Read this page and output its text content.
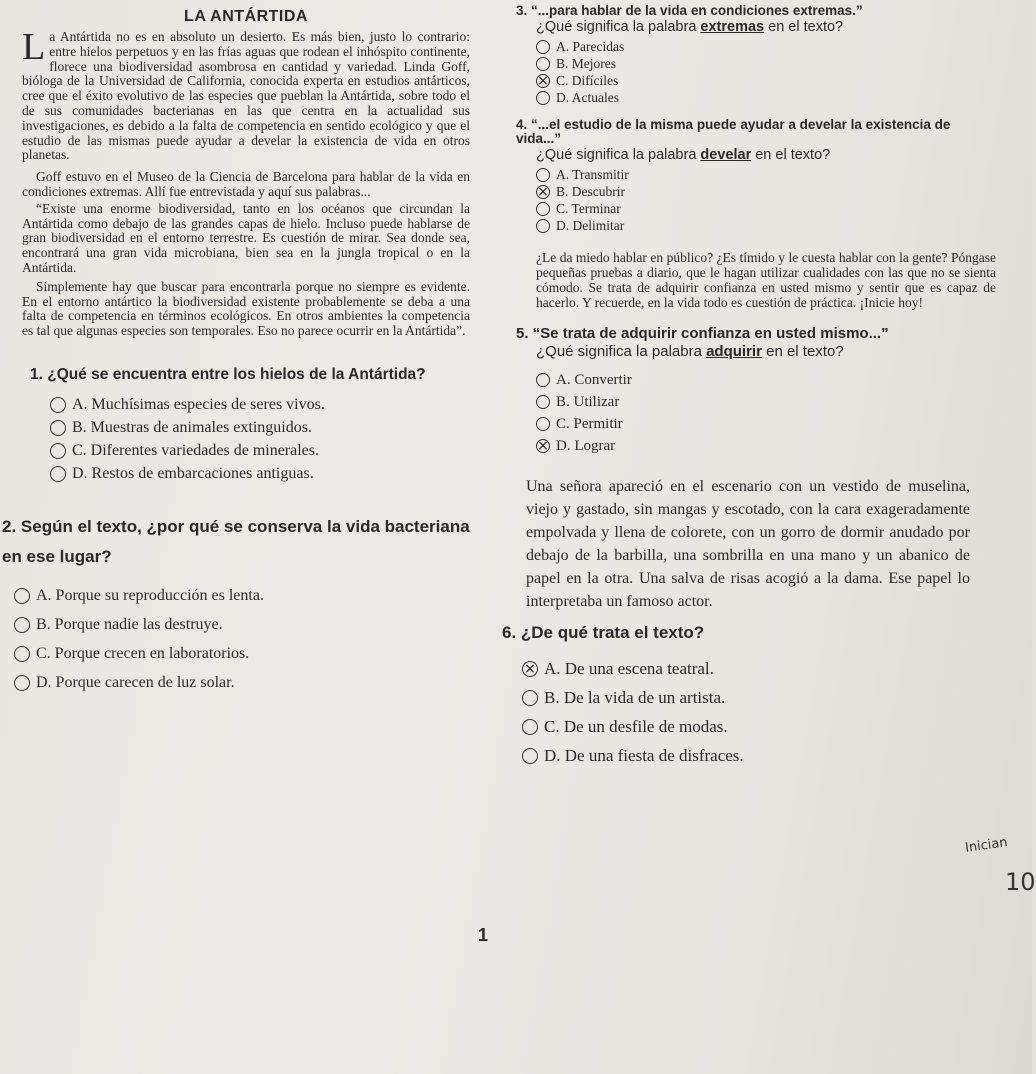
LA ANTÁRTIDA

La Antártida no es en absoluto un desierto. Es más bien, justo lo contrario: entre hielos perpetuos y en las frías aguas que rodean el inhóspito continente, florece una biodiversidad asombrosa en cantidad y variedad. Linda Goff, bióloga de la Universidad de California, conocida experta en estudios antárticos, cree que el éxito evolutivo de las especies que pueblan la Antártida, sobre todo el de sus comunidades bacterianas en las que centra en la actualidad sus investigaciones, es debido a la falta de competencia en sentido ecológico y que el estudio de las mismas puede ayudar a develar la existencia de vida en otros planetas.

Goff estuvo en el Museo de la Ciencia de Barcelona para hablar de la vida en condiciones extremas. Allí fue entrevistada y aquí sus palabras...

“Existe una enorme biodiversidad, tanto en los océanos que circundan la Antártida como debajo de las grandes capas de hielo. Incluso puede hablarse de gran biodiversidad en el entorno terrestre. Es cuestión de mirar. Sea donde sea, encontrará una gran vida microbiana, bien sea en la jungla tropical o en la Antártida.

Simplemente hay que buscar para encontrarla porque no siempre es evidente. En el entorno antártico la biodiversidad existente probablemente se deba a una falta de competencia en términos ecológicos. En otros ambientes la competencia es tal que algunas especies son temporales. Eso no parece ocurrir en la Antártida”.

1. ¿Qué se encuentra entre los hielos de la Antártida?

A. Muchísimas especies de seres vivos.
B. Muestras de animales extinguidos.
C. Diferentes variedades de minerales.
D. Restos de embarcaciones antiguas.

2. Según el texto, ¿por qué se conserva la vida bacteriana en ese lugar?

A. Porque su reproducción es lenta.
B. Porque nadie las destruye.
C. Porque crecen en laboratorios.
D. Porque carecen de luz solar.

3. “...para hablar de la vida en condiciones extremas.”

¿Qué significa la palabra extremas en el texto?

A. Parecidas
B. Mejores
×
C. Difíciles
D. Actuales

4. “...el estudio de la misma puede ayudar a develar la existencia de vida...”

¿Qué significa la palabra develar en el texto?

A. Transmitir
×
B. Descubrir
C. Terminar
D. Delimitar

¿Le da miedo hablar en público? ¿Es tímido y le cuesta hablar con la gente? Póngase pequeñas pruebas a diario, que le hagan utilizar cualidades con las que no se sienta cómodo. Se trata de adquirir confianza en usted mismo y sentir que es capaz de hacerlo. Y recuerde, en la vida todo es cuestión de práctica. ¡Inicie hoy!

5. “Se trata de adquirir confianza en usted mismo...”

¿Qué significa la palabra adquirir en el texto?

A. Convertir
B. Utilizar
C. Permitir
×
D. Lograr

Una señora apareció en el escenario con un vestido de muselina, viejo y gastado, sin mangas y escotado, con la cara exageradamente empolvada y llena de colorete, con un gorro de dormir anudado por debajo de la barbilla, una sombrilla en una mano y un abanico de papel en la otra. Una salva de risas acogió a la dama. Ese papel lo interpretaba un famoso actor.

6. ¿De qué trata el texto?

×
A. De una escena teatral.
B. De la vida de un artista.
C. De un desfile de modas.
D. De una fiesta de disfraces.
1
Inician
10
